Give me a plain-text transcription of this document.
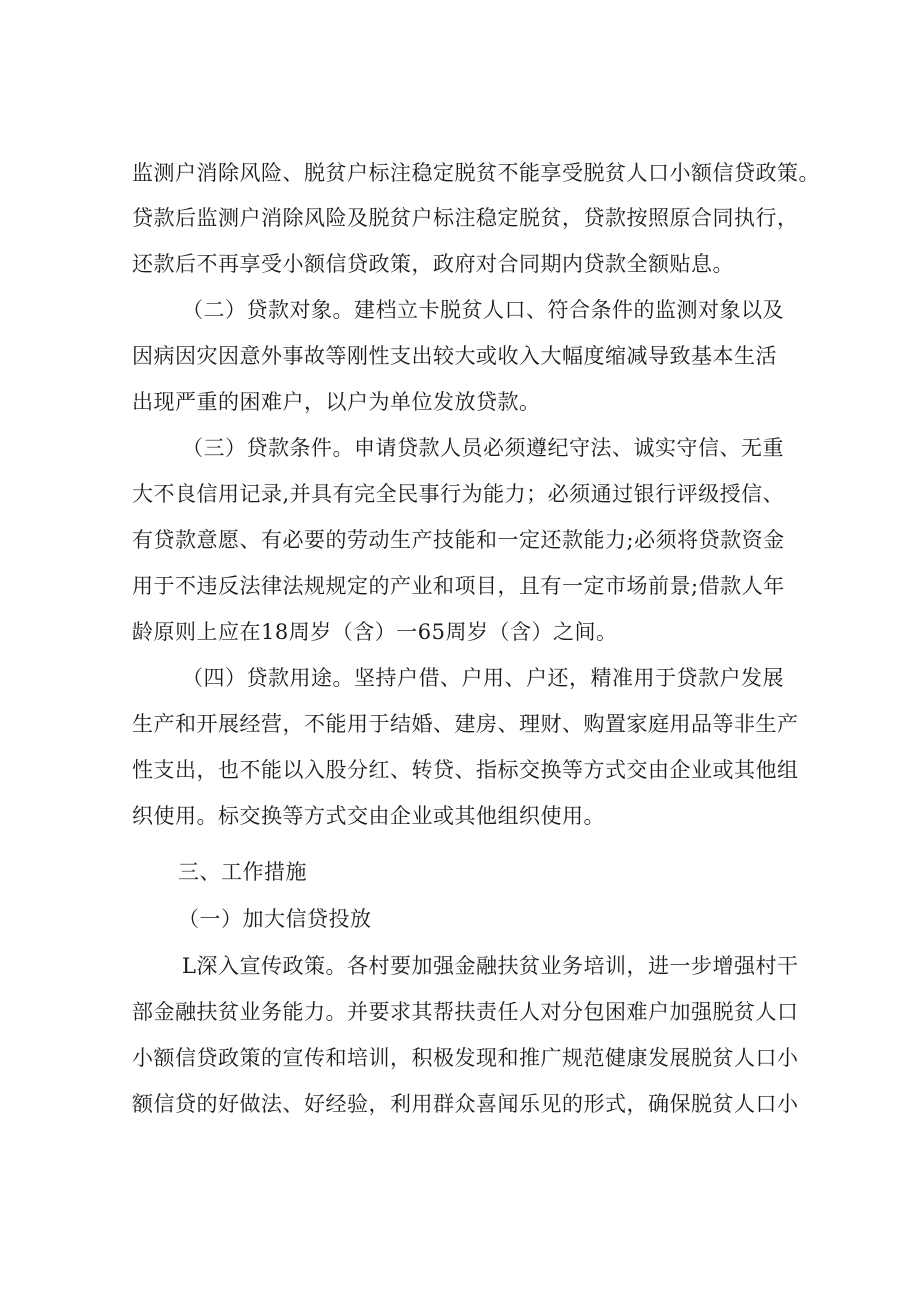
监测户消除风险、脱贫户标注稳定脱贫不能享受脱贫人口小额信贷政策。
贷款后监测户消除风险及脱贫户标注稳定脱贫，贷款按照原合同执行，
还款后不再享受小额信贷政策，政府对合同期内贷款全额贴息。
（二）贷款对象。建档立卡脱贫人口、符合条件的监测对象以及
因病因灾因意外事故等刚性支出较大或收入大幅度缩减导致基本生活
出现严重的困难户，以户为单位发放贷款。
（三）贷款条件。申请贷款人员必须遵纪守法、诚实守信、无重
大不良信用记录,并具有完全民事行为能力；必须通过银行评级授信、
有贷款意愿、有必要的劳动生产技能和一定还款能力;必须将贷款资金
用于不违反法律法规规定的产业和项目，且有一定市场前景;借款人年
龄原则上应在18周岁（含）一65周岁（含）之间。
（四）贷款用途。坚持户借、户用、户还，精准用于贷款户发展
生产和开展经营，不能用于结婚、建房、理财、购置家庭用品等非生产
性支出，也不能以入股分红、转贷、指标交换等方式交由企业或其他组
织使用。标交换等方式交由企业或其他组织使用。
三、工作措施
（一）加大信贷投放
L深入宣传政策。各村要加强金融扶贫业务培训，进一步增强村干
部金融扶贫业务能力。并要求其帮扶责任人对分包困难户加强脱贫人口
小额信贷政策的宣传和培训，积极发现和推广规范健康发展脱贫人口小
额信贷的好做法、好经验，利用群众喜闻乐见的形式，确保脱贫人口小
